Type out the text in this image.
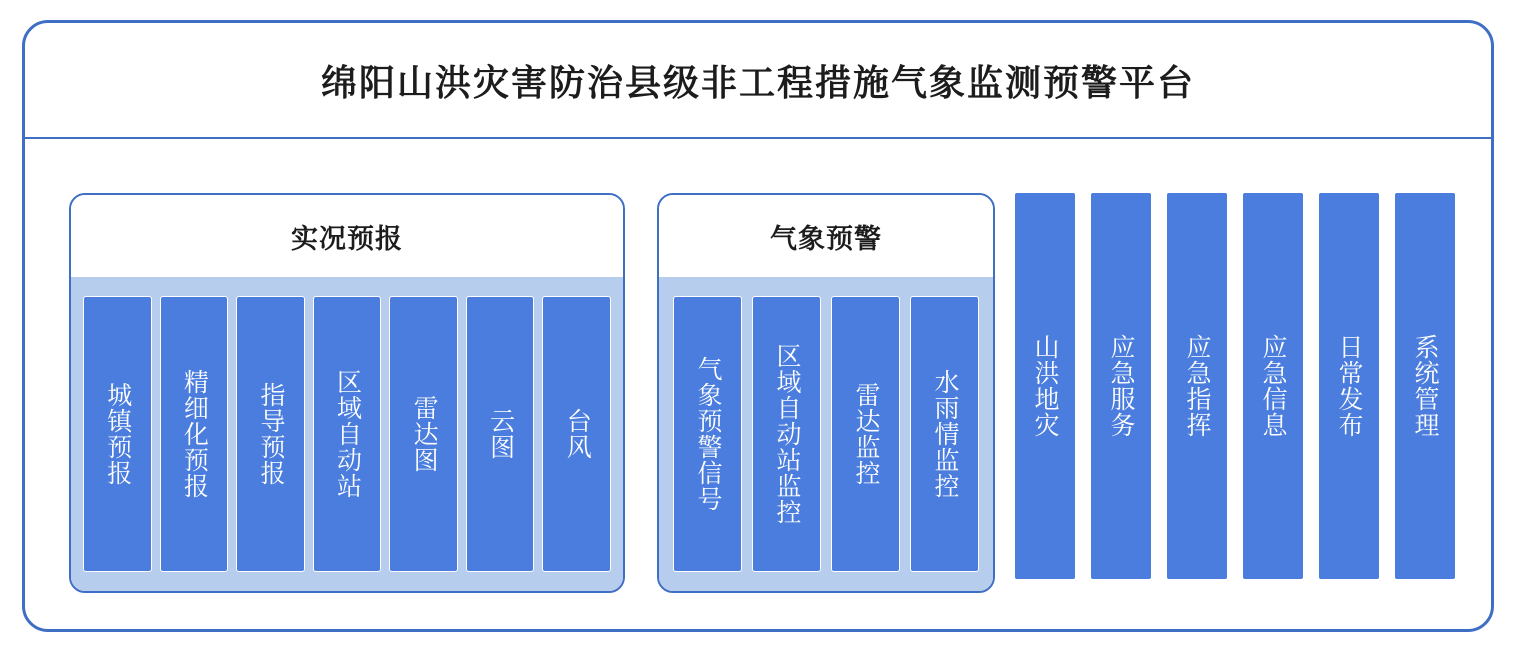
绵阳山洪灾害防治县级非工程措施气象监测预警平台
实况预报
城镇预报 精细化预报 指导预报 区域自动站 雷达图 云图 台风
气象预警
气象预警信号 区域自动站监控 雷达监控 水雨情监控	山洪地灾 应急服务 应急指挥 应急信息 日常发布 系统管理
